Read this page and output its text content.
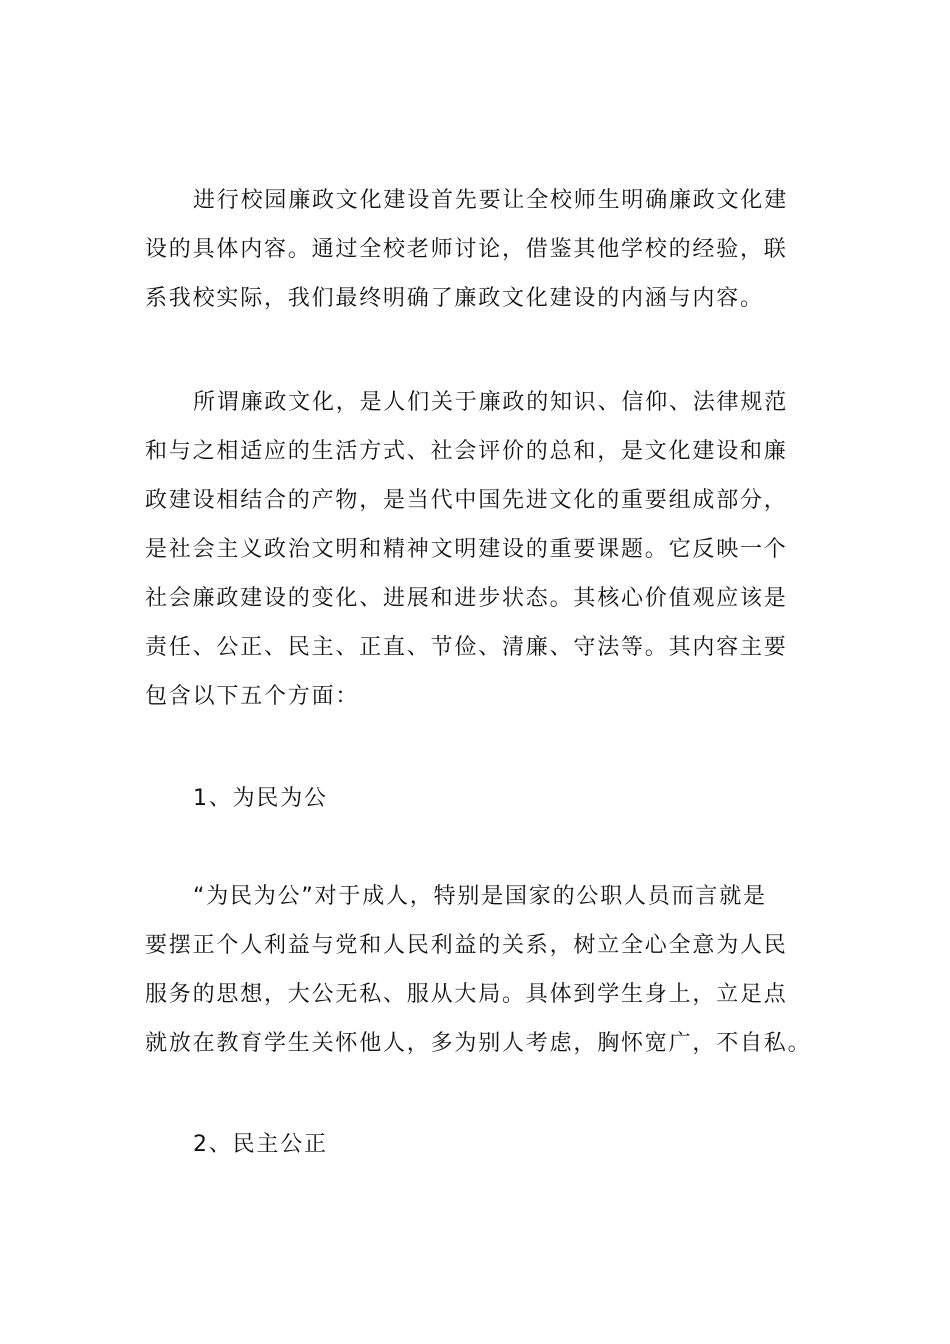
进行校园廉政文化建设首先要让全校师生明确廉政文化建
设的具体内容。通过全校老师讨论，借鉴其他学校的经验，联
系我校实际，我们最终明确了廉政文化建设的内涵与内容。
所谓廉政文化，是人们关于廉政的知识、信仰、法律规范
和与之相适应的生活方式、社会评价的总和，是文化建设和廉
政建设相结合的产物，是当代中国先进文化的重要组成部分，
是社会主义政治文明和精神文明建设的重要课题。它反映一个
社会廉政建设的变化、进展和进步状态。其核心价值观应该是
责任、公正、民主、正直、节俭、清廉、守法等。其内容主要
包含以下五个方面：
1、为民为公
“为民为公”对于成人，特别是国家的公职人员而言就是
要摆正个人利益与党和人民利益的关系，树立全心全意为人民
服务的思想，大公无私、服从大局。具体到学生身上，立足点
就放在教育学生关怀他人，多为别人考虑，胸怀宽广，不自私。
2、民主公正
